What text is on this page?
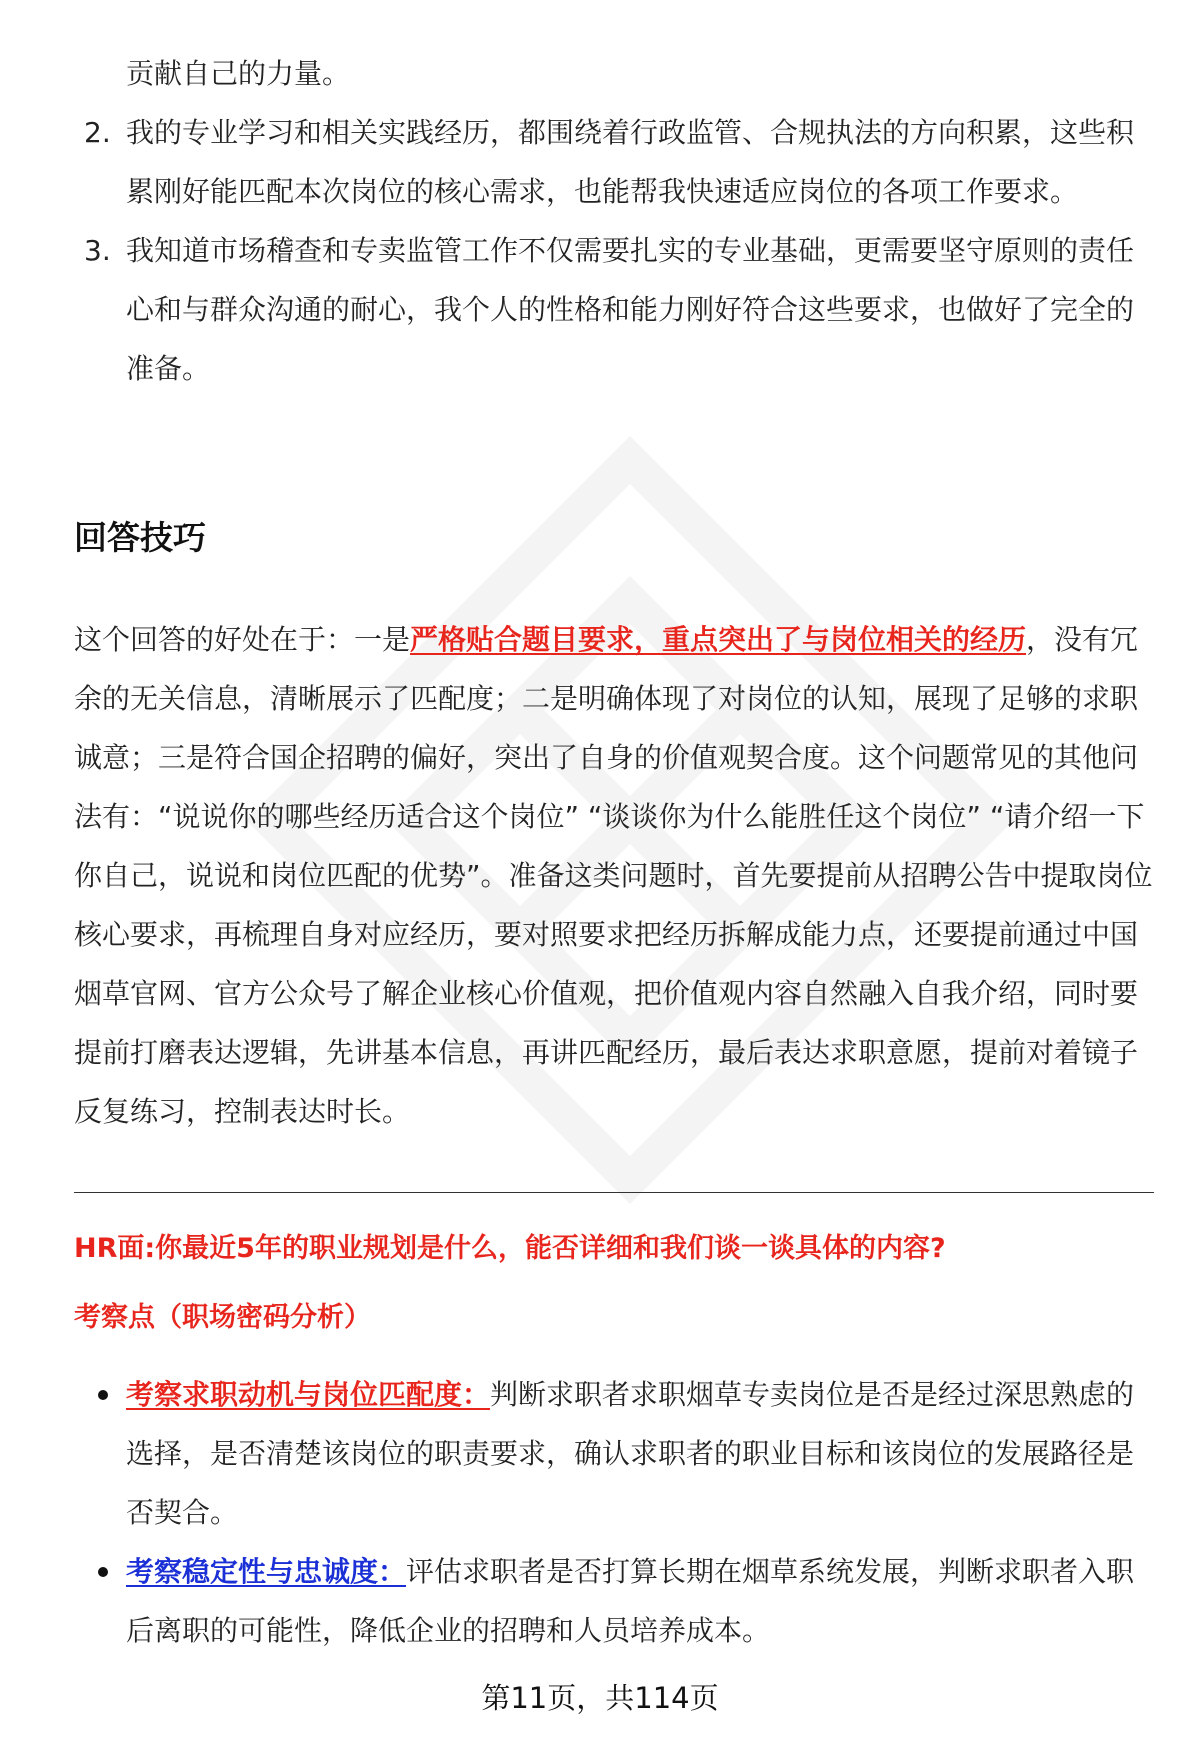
贡献自己的力量。
2. 我的专业学习和相关实践经历，都围绕着行政监管、合规执法的方向积累，这些积累刚好能匹配本次岗位的核心需求，也能帮我快速适应岗位的各项工作要求。
3. 我知道市场稽查和专卖监管工作不仅需要扎实的专业基础，更需要坚守原则的责任心和与群众沟通的耐心，我个人的性格和能力刚好符合这些要求，也做好了完全的准备。
回答技巧
这个回答的好处在于：一是严格贴合题目要求，重点突出了与岗位相关的经历，没有冗余的无关信息，清晰展示了匹配度；二是明确体现了对岗位的认知，展现了足够的求职诚意；三是符合国企招聘的偏好，突出了自身的价值观契合度。这个问题常见的其他问法有：“说说你的哪些经历适合这个岗位” “谈谈你为什么能胜任这个岗位” “请介绍一下你自己，说说和岗位匹配的优势”。准备这类问题时，首先要提前从招聘公告中提取岗位核心要求，再梳理自身对应经历，要对照要求把经历拆解成能力点，还要提前通过中国烟草官网、官方公众号了解企业核心价值观，把价值观内容自然融入自我介绍，同时要提前打磨表达逻辑，先讲基本信息，再讲匹配经历，最后表达求职意愿，提前对着镜子反复练习，控制表达时长。
HR面:你最近5年的职业规划是什么，能否详细和我们谈一谈具体的内容?
考察点（职场密码分析）
考察求职动机与岗位匹配度：判断求职者求职烟草专卖岗位是否是经过深思熟虑的选择，是否清楚该岗位的职责要求，确认求职者的职业目标和该岗位的发展路径是否契合。
考察稳定性与忠诚度：评估求职者是否打算长期在烟草系统发展，判断求职者入职后离职的可能性，降低企业的招聘和人员培养成本。
第11页，共114页
